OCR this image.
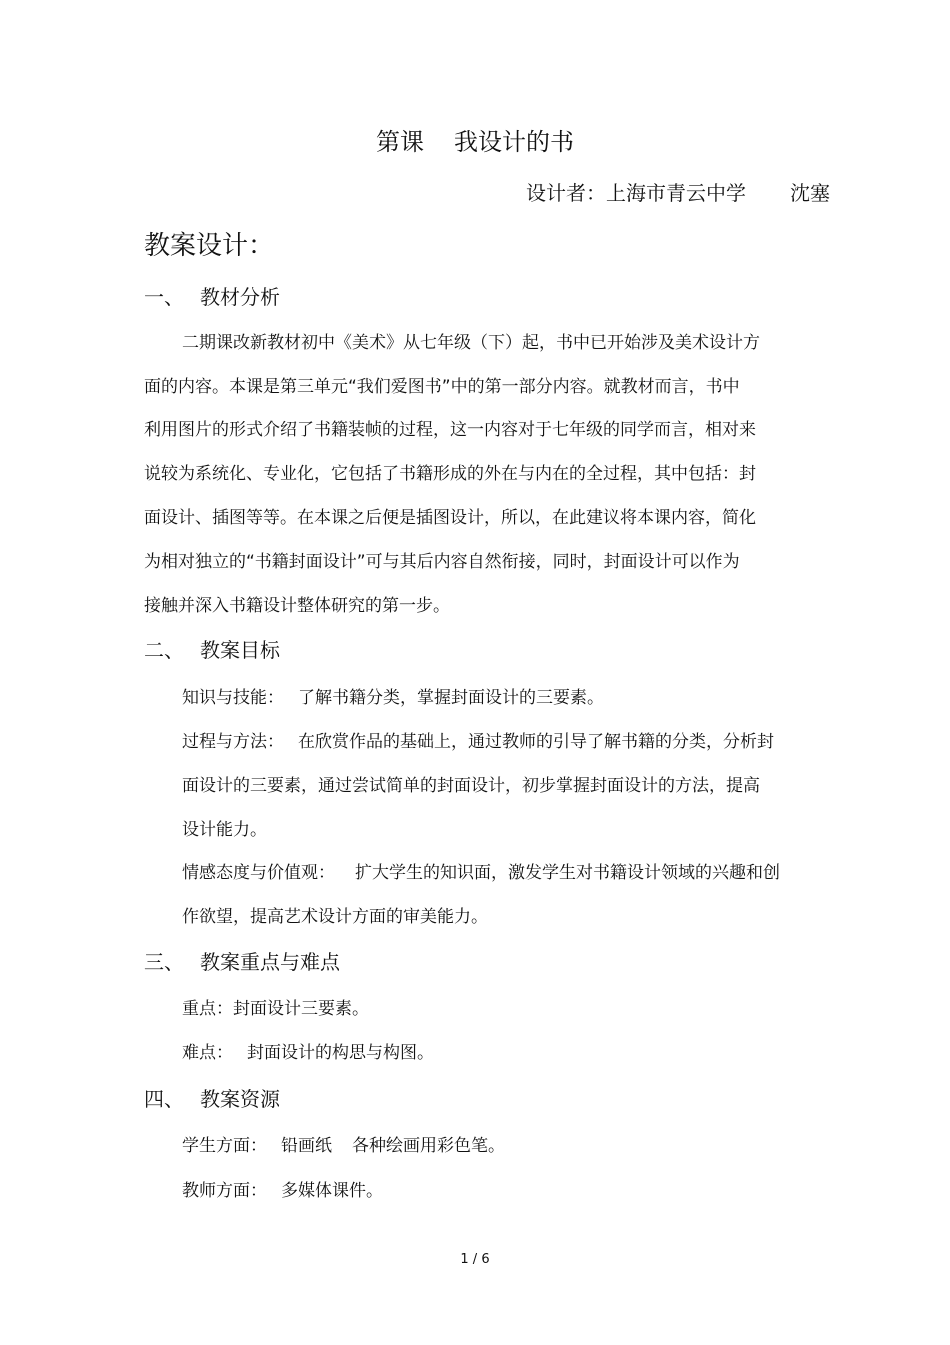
第课 我设计的书
设计者：上海市青云中学 沈塞
教案设计：
一、 教材分析
二期课改新教材初中《美术》从七年级（下）起，书中已开始涉及美术设计方
面的内容。本课是第三单元“我们爱图书”中的第一部分内容。就教材而言，书中
利用图片的形式介绍了书籍装帧的过程，这一内容对于七年级的同学而言，相对来
说较为系统化、专业化，它包括了书籍形成的外在与内在的全过程，其中包括：封
面设计、插图等等。在本课之后便是插图设计，所以，在此建议将本课内容，简化
为相对独立的“书籍封面设计”可与其后内容自然衔接，同时，封面设计可以作为
接触并深入书籍设计整体研究的第一步。
二、 教案目标
知识与技能： 了解书籍分类，掌握封面设计的三要素。
过程与方法： 在欣赏作品的基础上，通过教师的引导了解书籍的分类，分析封
面设计的三要素，通过尝试简单的封面设计，初步掌握封面设计的方法，提高
设计能力。
情感态度与价值观： 扩大学生的知识面，激发学生对书籍设计领域的兴趣和创
作欲望，提高艺术设计方面的审美能力。
三、 教案重点与难点
重点：封面设计三要素。
难点： 封面设计的构思与构图。
四、 教案资源
学生方面： 铅画纸 各种绘画用彩色笔。
教师方面： 多媒体课件。
1 / 6
